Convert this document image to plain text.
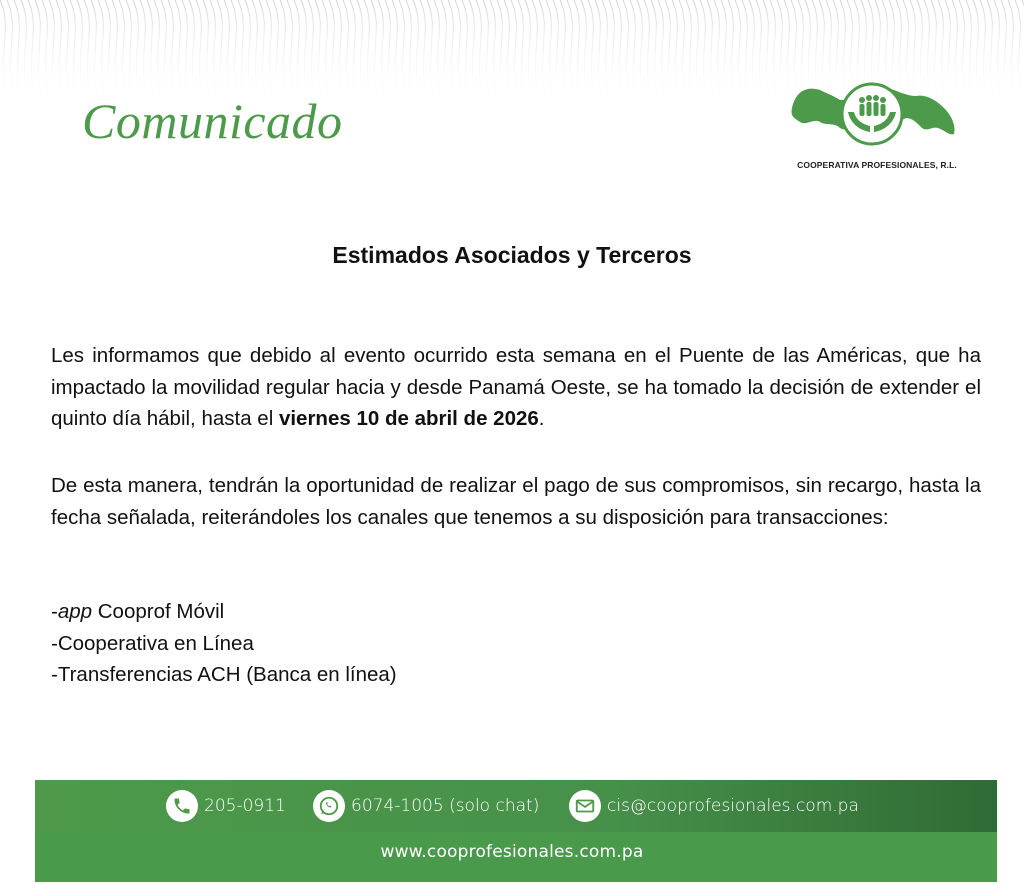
Comunicado
COOPERATIVA PROFESIONALES, R.L.
Estimados Asociados y Terceros

Les informamos que debido al evento ocurrido esta semana en el Puente de las Américas, que ha impactado la movilidad regular hacia y desde Panamá Oeste, se ha tomado la decisión de extender el quinto día hábil, hasta el viernes 10 de abril de 2026.

De esta manera, tendrán la oportunidad de realizar el pago de sus compromisos, sin recargo, hasta la fecha señalada, reiterándoles los canales que tenemos a su disposición para transacciones:

-app Cooprof Móvil
-Cooperativa en Línea
-Transferencias ACH (Banca en línea)
205-0911	6074-1005 (solo chat)	cis@cooprofesionales.com.pa
www.cooprofesionales.com.pa
